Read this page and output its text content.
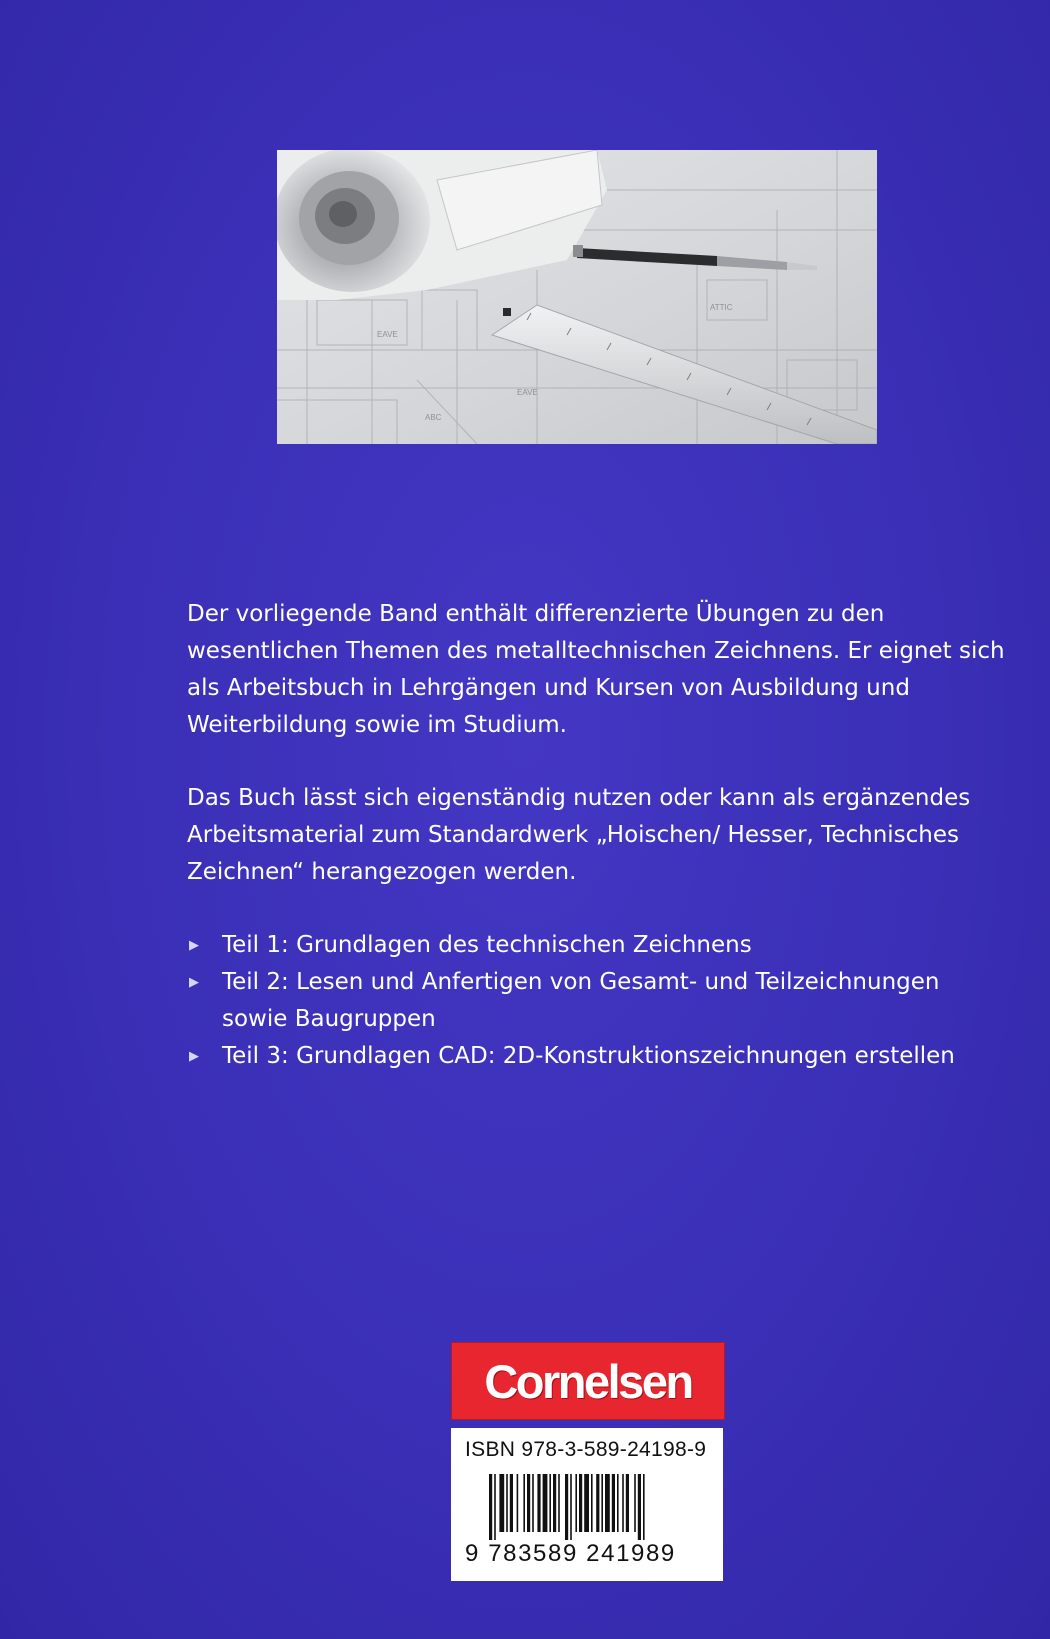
EAVE
EAVE
ATTIC
ABC

Der vorliegende Band enthält differenzierte Übungen zu den wesentlichen Themen des metalltechnischen Zeichnens. Er eignet sich als Arbeitsbuch in Lehrgängen und Kursen von Ausbildung und Weiterbildung sowie im Studium.

Das Buch lässt sich eigenständig nutzen oder kann als ergänzendes Arbeitsmaterial zum Standardwerk „Hoischen/ Hesser, Technisches Zeichnen“ herangezogen werden.

▶ Teil 1: Grundlagen des technischen Zeichnens
▶ Teil 2: Lesen und Anfertigen von Gesamt- und Teilzeichnungen sowie Baugruppen
▶ Teil 3: Grundlagen CAD: 2D-Konstruktionszeichnungen erstellen
Cornelsen
ISBN 978-3-589-24198-9
9 783589 241989
